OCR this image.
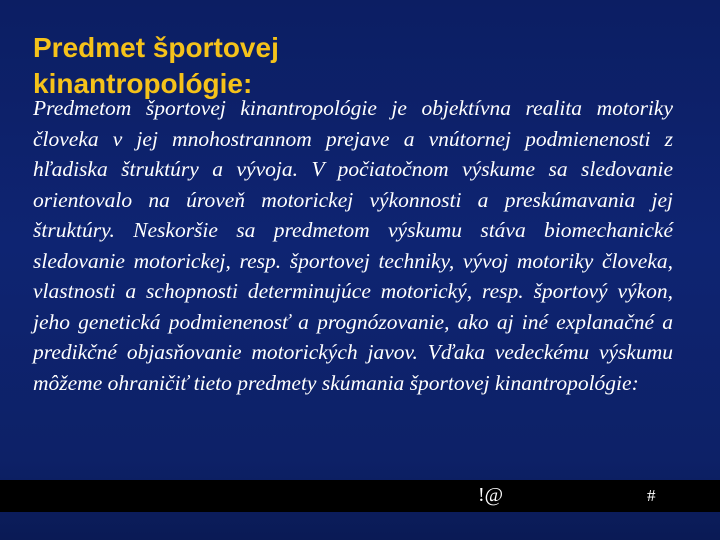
Predmetom športovej kinantropológie je objektívna realita motoriky človeka v jej mnohostrannom prejave a vnútornej podmienenosti z hľadiska štruktúry a vývoja. V počiatočnom výskume sa sledovanie orientovalo na úroveň motorickej výkonnosti a preskúmavania jej štruktúry. Neskoršie sa predmetom výskumu stáva biomechanické sledovanie motorickej, resp. športovej techniky, vývoj motoriky človeka, vlastnosti a schopnosti determinujúce motorický, resp. športový výkon, jeho genetická podmienenosť a prognózovanie, ako aj iné explanačné a predikčné objasňovanie motorických javov. Vďaka vedeckému výskumu môžeme ohraničiť tieto predmety skúmania športovej kinantropológie:

Predmet športovej kinantropológie:
!@	#
